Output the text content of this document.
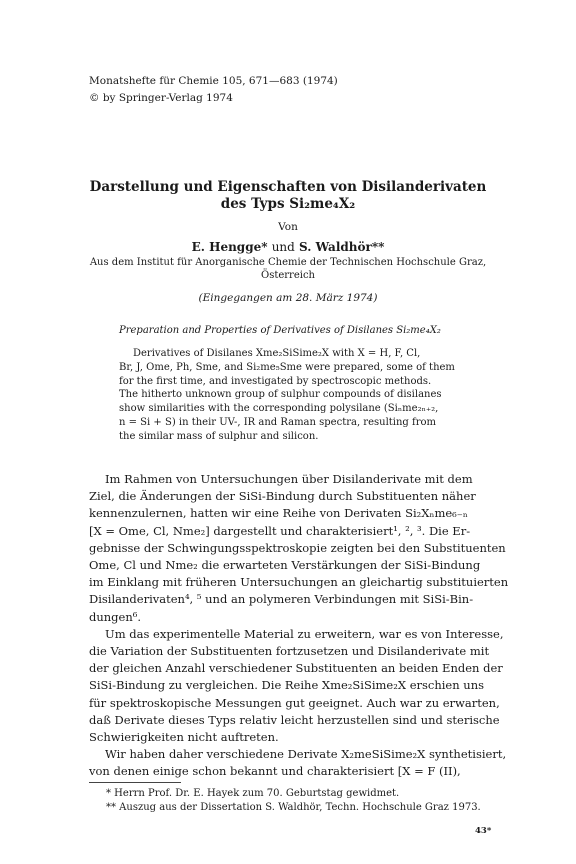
Monatshefte für Chemie 105, 671—683 (1974)
© by Springer-Verlag 1974
Darstellung und Eigenschaften von Disilanderivaten
des Typs Si₂me₄X₂
Von
E. Hengge* und S. Waldhör**
Aus dem Institut für Anorganische Chemie der Technischen Hochschule Graz,
Österreich
(Eingegangen am 28. März 1974)
Preparation and Properties of Derivatives of Disilanes Si₂me₄X₂
Derivatives of Disilanes Xme₂SiSime₂X with X = H, F, Cl,
Br, J, Ome, Ph, Sme, and Si₂me₅Sme were prepared, some of them
for the first time, and investigated by spectroscopic methods.
The hitherto unknown group of sulphur compounds of disilanes
show similarities with the corresponding polysilane (Siₙme₂ₙ₊₂,
n = Si + S) in their UV-, IR and Raman spectra, resulting from
the similar mass of sulphur and silicon.
Im Rahmen von Untersuchungen über Disilanderivate mit dem
Ziel, die Änderungen der SiSi-Bindung durch Substituenten näher
kennenzulernen, hatten wir eine Reihe von Derivaten Si₂Xₙme₆₋ₙ
[X = Ome, Cl, Nme₂] dargestellt und charakterisiert¹, ², ³. Die Er-
gebnisse der Schwingungsspektroskopie zeigten bei den Substituenten
Ome, Cl und Nme₂ die erwarteten Verstärkungen der SiSi-Bindung
im Einklang mit früheren Untersuchungen an gleichartig substituierten
Disilanderivaten⁴, ⁵ und an polymeren Verbindungen mit SiSi-Bin-
dungen⁶.
Um das experimentelle Material zu erweitern, war es von Interesse,
die Variation der Substituenten fortzusetzen und Disilanderivate mit
der gleichen Anzahl verschiedener Substituenten an beiden Enden der
SiSi-Bindung zu vergleichen. Die Reihe Xme₂SiSime₂X erschien uns
für spektroskopische Messungen gut geeignet. Auch war zu erwarten,
daß Derivate dieses Typs relativ leicht herzustellen sind und sterische
Schwierigkeiten nicht auftreten.
Wir haben daher verschiedene Derivate X₂meSiSime₂X synthetisiert,
von denen einige schon bekannt und charakterisiert [X = F (II),
* Herrn Prof. Dr. E. Hayek zum 70. Geburtstag gewidmet.
** Auszug aus der Dissertation S. Waldhör, Techn. Hochschule Graz 1973.
43*
